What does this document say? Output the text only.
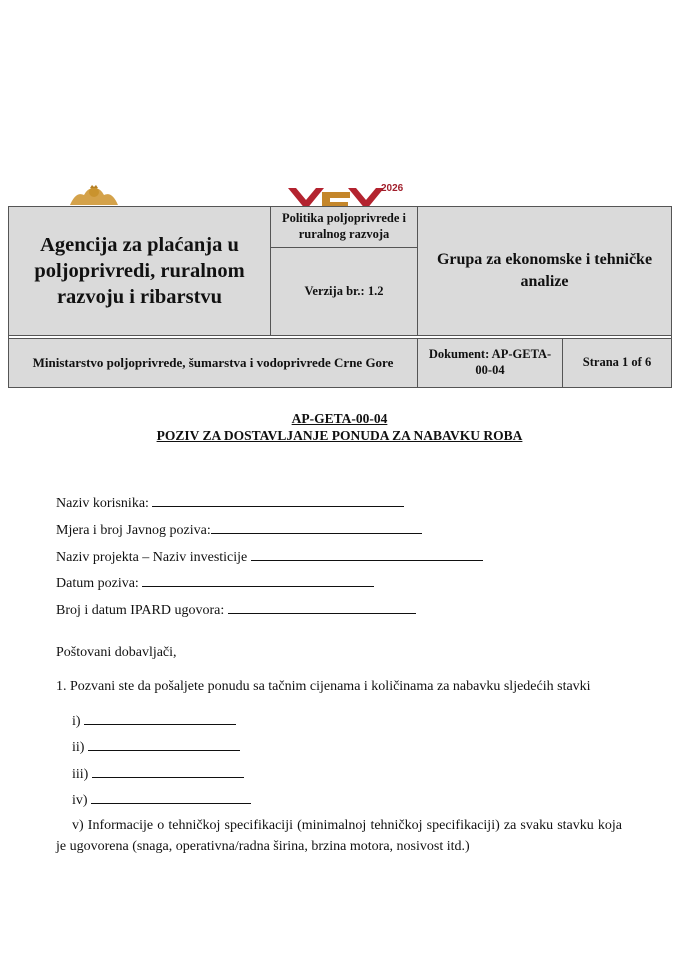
2026
Agencija za plaćanja u poljoprivredi, ruralnom razvoju i ribarstvu	Politika poljoprivrede i ruralnog razvoja	Grupa za ekonomske i tehničke analize	
	Verzija br.: 1.2		

Ministarstvo poljoprivrede, šumarstva i vodoprivrede Crne Gore		Dokument: AP-GETA-00-04	Strana 1 of 6
AP-GETA-00-04
POZIV ZA DOSTAVLJANJE PONUDA ZA NABAVKU ROBA
Naziv korisnika:
Mjera i broj Javnog poziva:
Naziv projekta – Naziv investicije
Datum poziva:
Broj i datum IPARD ugovora:
Poštovani dobavljači,
1. Pozvani ste da pošaljete ponudu sa tačnim cijenama i količinama za nabavku sljedećih stavki
i)
ii)
iii)
iv)
v) Informacije o tehničkoj specifikaciji (minimalnoj tehničkoj specifikaciji) za svaku stavku koja je ugovorena (snaga, operativna/radna širina, brzina motora, nosivost itd.)
